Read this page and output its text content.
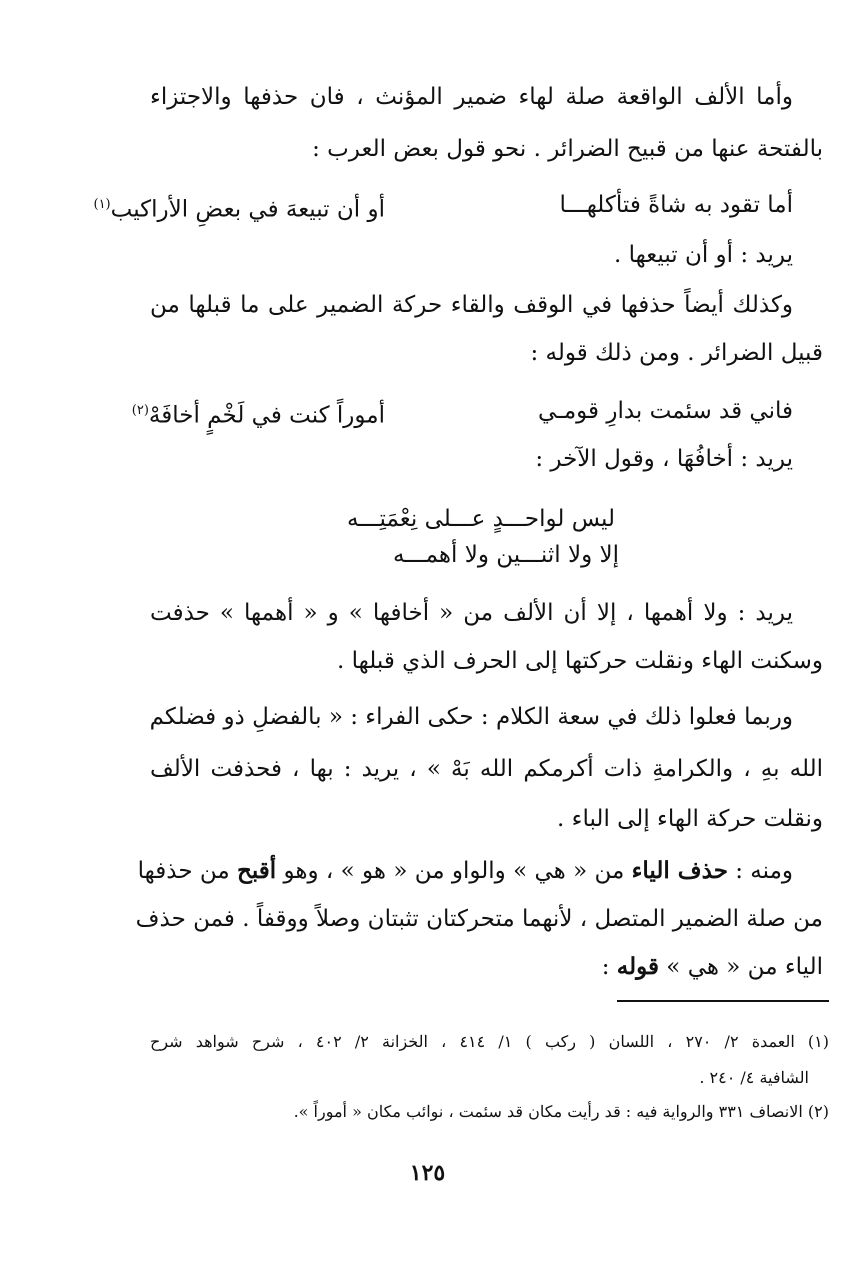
وأما الألف الواقعة صلة لهاء ضمير المؤنث ، فان حذفها والاجتزاء
بالفتحة عنها من قبيح الضرائر . نحو قول بعض العرب :
أما تقود به شاةً فتأكلهـــا
أو أن تبيعهَ في بعضِ الأراكيب$^{(١)}$
يريد : أو أن تبيعها .
وكذلك أيضاً حذفها في الوقف والقاء حركة الضمير على ما قبلها من
قبيل الضرائر . ومن ذلك قوله :
فاني قد سئمت بدارِ قومـي
أموراً كنت في لَخْمٍ أخافَهْ$^{(٢)}$
يريد : أخافُهَا ، وقول الآخر :
ليس لواحـــدٍ عـــلى نِعْمَتِـــه
إلا ولا اثنـــين ولا أهمـــه
يريد : ولا أهمها ، إلا أن الألف من « أخافها » و « أهمها » حذفت
وسكنت الهاء ونقلت حركتها إلى الحرف الذي قبلها .
وربما فعلوا ذلك في سعة الكلام : حكى الفراء : « بالفضلِ ذو فضلكم
الله بهِ ، والكرامةِ ذات أكرمكم الله بَهْ » ، يريد : بها ، فحذفت الألف
ونقلت حركة الهاء إلى الباء .
ومنه : حذف الياء من « هي » والواو من « هو » ، وهو أقبح من حذفها
من صلة الضمير المتصل ، لأنهما متحركتان تثبتان وصلاً ووقفاً . فمن حذف
الياء من « هي » قوله :
(١) العمدة ٢/ ٢٧٠ ، اللسان ( ركب ) ١/ ٤١٤ ، الخزانة ٢/ ٤٠٢ ، شرح شواهد شرح
الشافية ٤/ ٢٤٠ .
(٢) الانصاف ٣٣١ والرواية فيه : قد رأيت مكان قد سئمت ، نوائب مكان « أموراً ».
١٢٥
